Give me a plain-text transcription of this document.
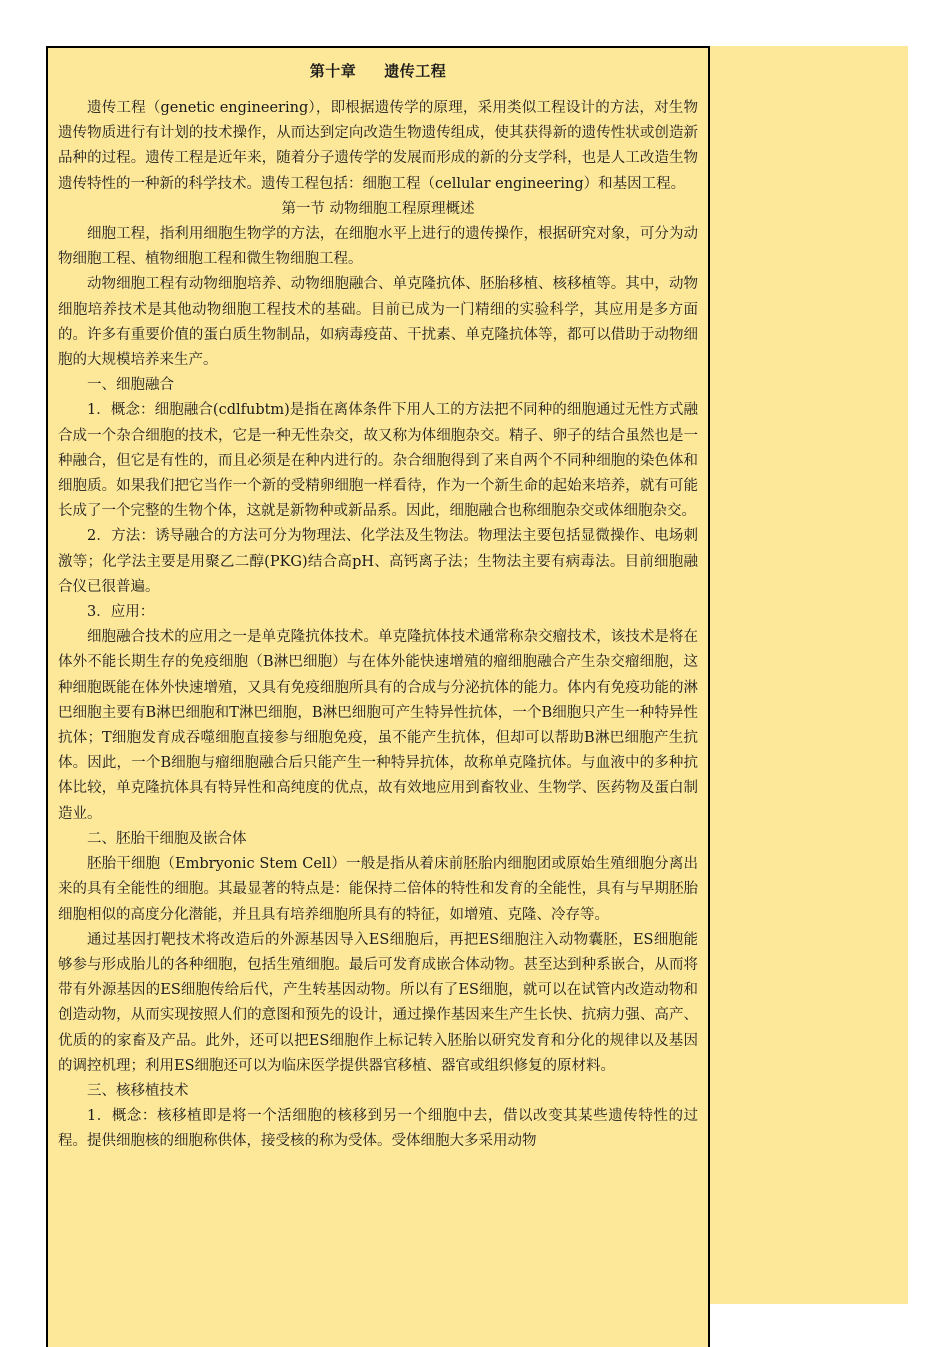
第十章 遗传工程

遗传工程（genetic engineering），即根据遗传学的原理，采用类似工程设计的方法，对生物遗传物质进行有计划的技术操作，从而达到定向改造生物遗传组成，使其获得新的遗传性状或创造新品种的过程。遗传工程是近年来，随着分子遗传学的发展而形成的新的分支学科，也是人工改造生物遗传特性的一种新的科学技术。遗传工程包括：细胞工程（cellular engineering）和基因工程。

第一节 动物细胞工程原理概述

细胞工程，指利用细胞生物学的方法，在细胞水平上进行的遗传操作，根据研究对象，可分为动物细胞工程、植物细胞工程和微生物细胞工程。

动物细胞工程有动物细胞培养、动物细胞融合、单克隆抗体、胚胎移植、核移植等。其中，动物细胞培养技术是其他动物细胞工程技术的基础。目前已成为一门精细的实验科学，其应用是多方面的。许多有重要价值的蛋白质生物制品，如病毒疫苗、干扰素、单克隆抗体等，都可以借助于动物细胞的大规模培养来生产。

一、细胞融合

1．概念：细胞融合(cdlfubtm)是指在离体条件下用人工的方法把不同种的细胞通过无性方式融合成一个杂合细胞的技术，它是一种无性杂交，故又称为体细胞杂交。精子、卵子的结合虽然也是一种融合，但它是有性的，而且必须是在种内进行的。杂合细胞得到了来自两个不同种细胞的染色体和细胞质。如果我们把它当作一个新的受精卵细胞一样看待，作为一个新生命的起始来培养，就有可能长成了一个完整的生物个体，这就是新物种或新品系。因此，细胞融合也称细胞杂交或体细胞杂交。

2．方法：诱导融合的方法可分为物理法、化学法及生物法。物理法主要包括显微操作、电场刺激等；化学法主要是用聚乙二醇(PKG)结合高pH、高钙离子法；生物法主要有病毒法。目前细胞融合仪已很普遍。

3．应用：

细胞融合技术的应用之一是单克隆抗体技术。单克隆抗体技术通常称杂交瘤技术，该技术是将在体外不能长期生存的免疫细胞（B淋巴细胞）与在体外能快速增殖的瘤细胞融合产生杂交瘤细胞，这种细胞既能在体外快速增殖，又具有免疫细胞所具有的合成与分泌抗体的能力。体内有免疫功能的淋巴细胞主要有B淋巴细胞和T淋巴细胞，B淋巴细胞可产生特异性抗体，一个B细胞只产生一种特异性抗体；T细胞发育成吞噬细胞直接参与细胞免疫，虽不能产生抗体，但却可以帮助B淋巴细胞产生抗体。因此，一个B细胞与瘤细胞融合后只能产生一种特异抗体，故称单克隆抗体。与血液中的多种抗体比较，单克隆抗体具有特异性和高纯度的优点，故有效地应用到畜牧业、生物学、医药物及蛋白制造业。

二、胚胎干细胞及嵌合体

胚胎干细胞（Embryonic Stem Cell）一般是指从着床前胚胎内细胞团或原始生殖细胞分离出来的具有全能性的细胞。其最显著的特点是：能保持二倍体的特性和发育的全能性，具有与早期胚胎细胞相似的高度分化潜能，并且具有培养细胞所具有的特征，如增殖、克隆、冷存等。

通过基因打靶技术将改造后的外源基因导入ES细胞后，再把ES细胞注入动物囊胚，ES细胞能够参与形成胎儿的各种细胞，包括生殖细胞。最后可发育成嵌合体动物。甚至达到种系嵌合，从而将带有外源基因的ES细胞传给后代，产生转基因动物。所以有了ES细胞，就可以在试管内改造动物和创造动物，从而实现按照人们的意图和预先的设计，通过操作基因来生产生长快、抗病力强、高产、优质的的家畜及产品。此外，还可以把ES细胞作上标记转入胚胎以研究发育和分化的规律以及基因的调控机理；利用ES细胞还可以为临床医学提供器官移植、器官或组织修复的原材料。

三、核移植技术

1．概念：核移植即是将一个活细胞的核移到另一个细胞中去，借以改变其某些遗传特性的过程。提供细胞核的细胞称供体，接受核的称为受体。受体细胞大多采用动物
